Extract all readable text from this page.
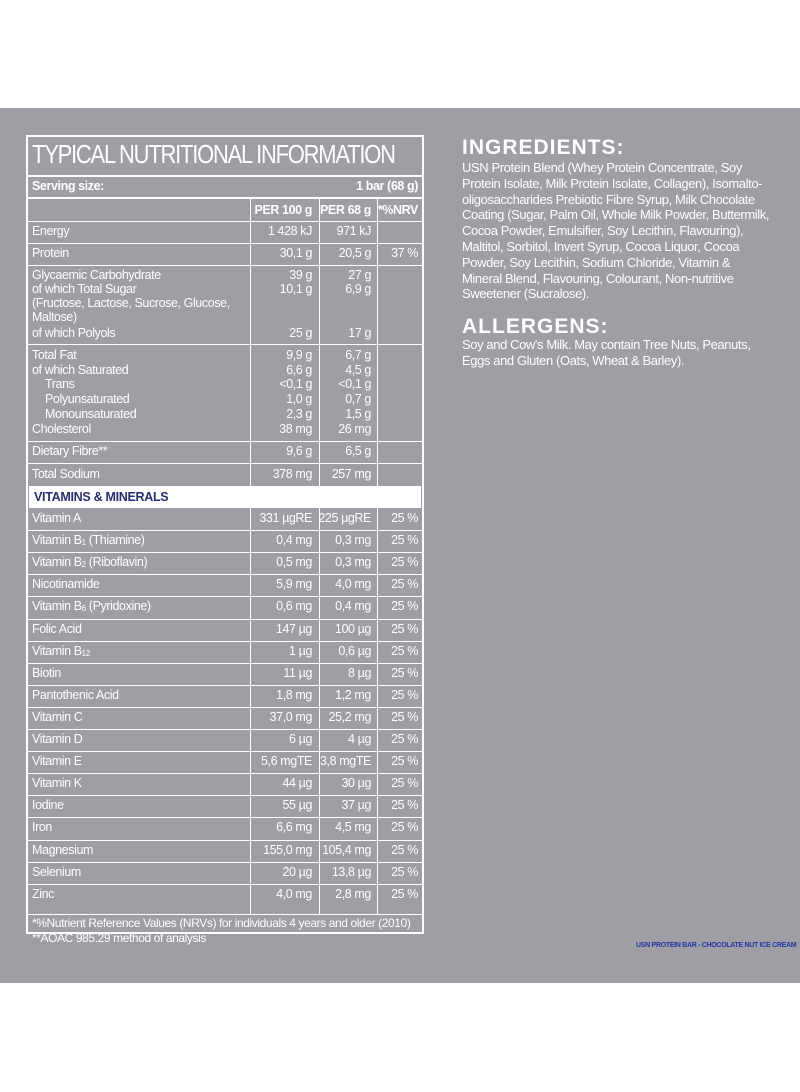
TYPICAL NUTRITIONAL INFORMATION
Serving size:	1 bar (68 g)
PER 100 g PER 68 g *%NRV
Energy	1 428 kJ 971 kJ
Protein	30,1 g 20,5 g 37 %
Glycaemic Carbohydrate	39 g	27 g
of which Total Sugar	10,1 g	6,9 g
(Fructose, Lactose, Sucrose, Glucose,
Maltose)
of which Polyols	25 g	17 g
Total Fat	9,9 g	6,7 g
of which Saturated	6,6 g	4,5 g
Trans	<0,1 g <0,1 g
Polyunsaturated	1,0 g	0,7 g
Monounsaturated	2,3 g	1,5 g
Cholesterol	38 mg 26 mg
Dietary Fibre**	9,6 g	6,5 g
Total Sodium	378 mg 257 mg
VITAMINS & MINERALS
Vitamin A	331 µgRE 225 µgRE 25 %
Vitamin $B_1$ (Thiamine)	0,4 mg 0,3 mg 25 %
Vitamin $B_2$ (Riboflavin)	0,5 mg 0,3 mg 25 %
Nicotinamide	5,9 mg 4,0 mg 25 %
Vitamin $B_6$ (Pyridoxine)	0,6 mg 0,4 mg 25 %
Folic Acid	147 µg 100 µg 25 %
Vitamin $B_{12}$	1 µg 0,6 µg 25 %
Biotin	11 µg	8 µg 25 %
Pantothenic Acid	1,8 mg 1,2 mg 25 %
Vitamin C	37,0 mg 25,2 mg 25 %
Vitamin D	6 µg	4 µg 25 %
Vitamin E	5,6 mgTE 3,8 mgTE 25 %
Vitamin K	44 µg 30 µg 25 %
Iodine	55 µg 37 µg 25 %
Iron	6,6 mg 4,5 mg 25 %
Magnesium	155,0 mg 105,4 mg 25 %
Selenium	20 µg 13,8 µg 25 %
Zinc	4,0 mg 2,8 mg 25 %
*%Nutrient Reference Values (NRVs) for individuals 4 years and older (2010)
**AOAC 985.29 method of analysis
INGREDIENTS:
USN Protein Blend (Whey Protein Concentrate, Soy
Protein Isolate, Milk Protein Isolate, Collagen), Isomalto-
oligosaccharides Prebiotic Fibre Syrup, Milk Chocolate
Coating (Sugar, Palm Oil, Whole Milk Powder, Buttermilk,
Cocoa Powder, Emulsifier, Soy Lecithin, Flavouring),
Maltitol, Sorbitol, Invert Syrup, Cocoa Liquor, Cocoa
Powder, Soy Lecithin, Sodium Chloride, Vitamin &
Mineral Blend, Flavouring, Colourant, Non-nutritive
Sweetener (Sucralose).
ALLERGENS:
Soy and Cow's Milk. May contain Tree Nuts, Peanuts,
Eggs and Gluten (Oats, Wheat & Barley).
USN PROTEIN BAR - CHOCOLATE NUT ICE CREAM
